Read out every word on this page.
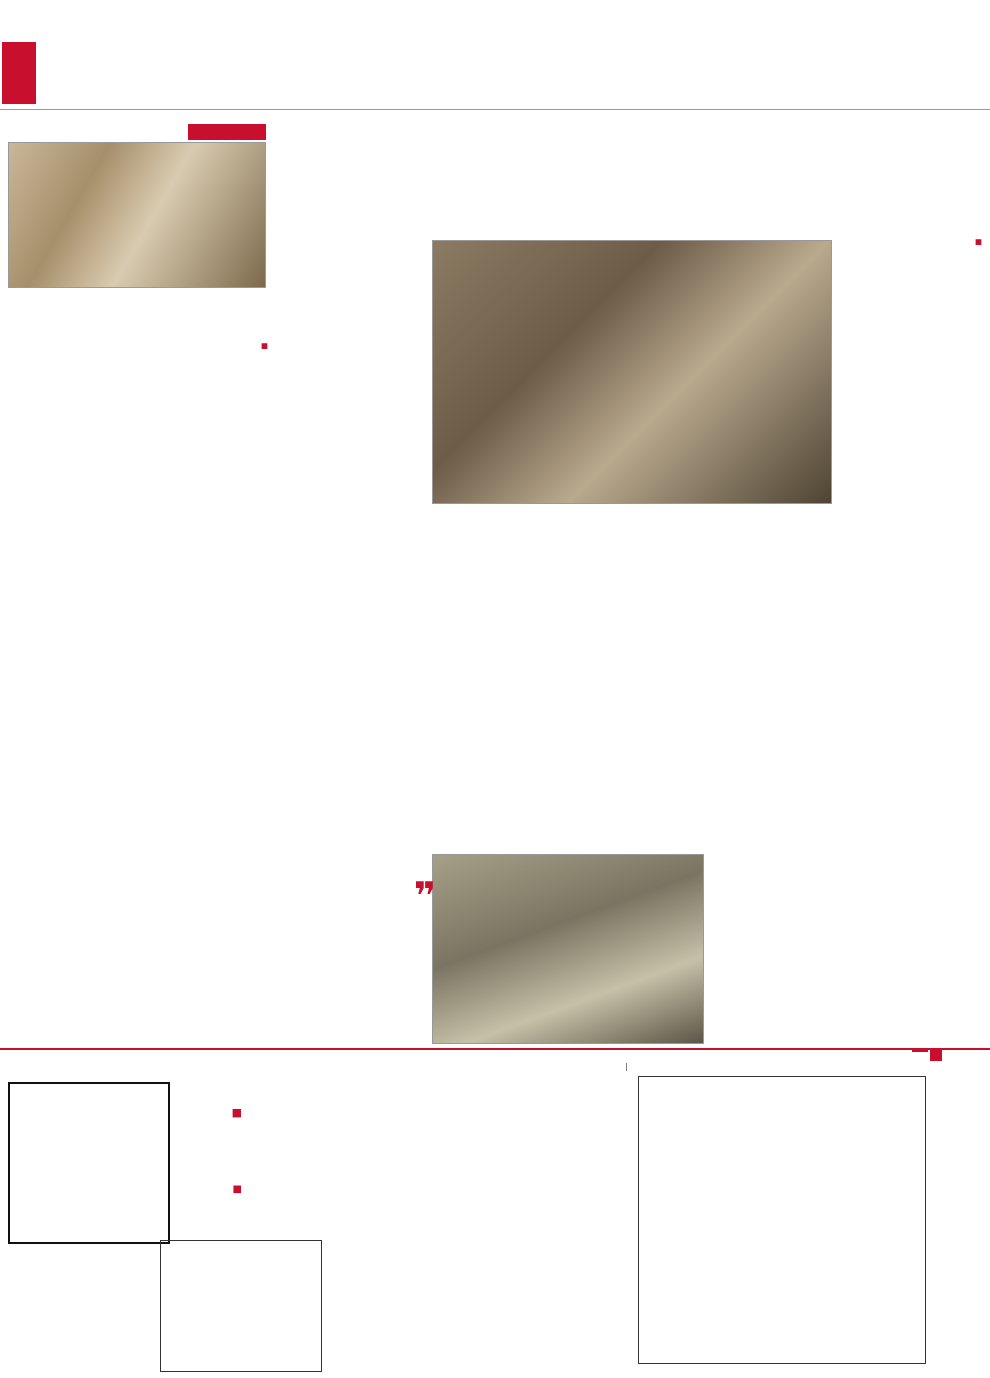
■

❞
■

|
■
■
